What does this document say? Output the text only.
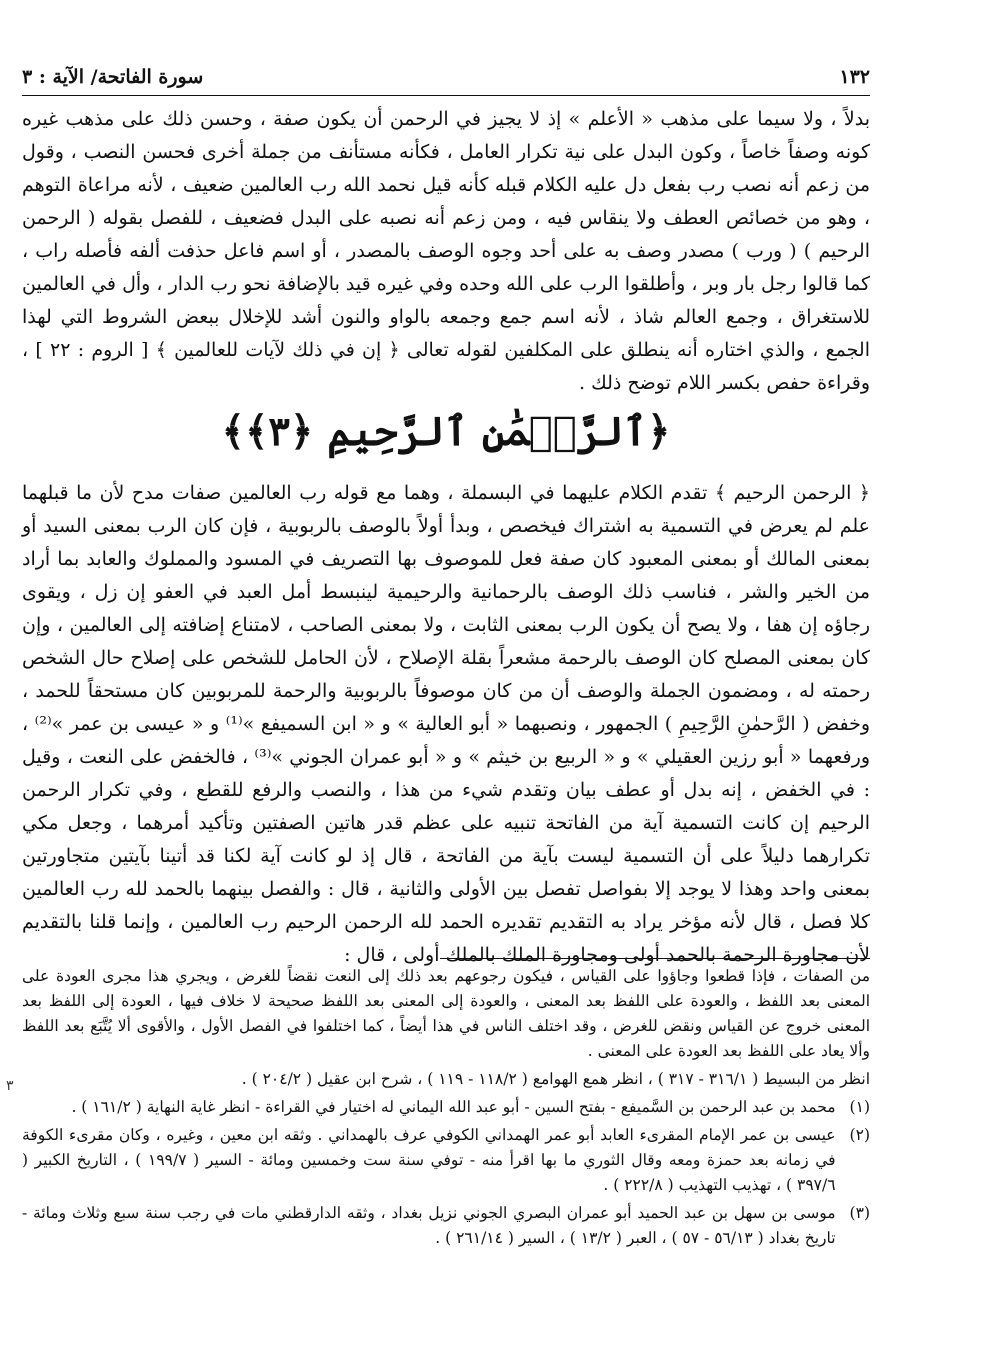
١٣٢
سورة الفاتحة/ الآية : ٣

بدلاً ، ولا سيما على مذهب « الأعلم » إذ لا يجيز في الرحمن أن يكون صفة ، وحسن ذلك على مذهب غيره كونه وصفاً خاصاً ، وكون البدل على نية تكرار العامل ، فكأنه مستأنف من جملة أخرى فحسن النصب ، وقول من زعم أنه نصب رب بفعل دل عليه الكلام قبله كأنه قيل نحمد الله رب العالمين ضعيف ، لأنه مراعاة التوهم ، وهو من خصائص العطف ولا ينقاس فيه ، ومن زعم أنه نصبه على البدل فضعيف ، للفصل بقوله ( الرحمن الرحيم ) ( ورب ) مصدر وصف به على أحد وجوه الوصف بالمصدر ، أو اسم فاعل حذفت ألفه فأصله راب ، كما قالوا رجل بار وبر ، وأطلقوا الرب على الله وحده وفي غيره قيد بالإضافة نحو رب الدار ، وأل في العالمين للاستغراق ، وجمع العالم شاذ ، لأنه اسم جمع وجمعه بالواو والنون أشد للإخلال ببعض الشروط التي لهذا الجمع ، والذي اختاره أنه ينطلق على المكلفين لقوله تعالى ﴿ إن في ذلك لآيات للعالمين ﴾ [ الروم : ٢٢ ] ، وقراءة حفص بكسر اللام توضح ذلك .

﴿ٱلرَّحۡمَٰنِ ٱلرَّحِيمِ ﴿٣﴾﴾

﴿ الرحمن الرحيم ﴾ تقدم الكلام عليهما في البسملة ، وهما مع قوله رب العالمين صفات مدح لأن ما قبلهما علم لم يعرض في التسمية به اشتراك فيخصص ، وبدأ أولاً بالوصف بالربوبية ، فإن كان الرب بمعنى السيد أو بمعنى المالك أو بمعنى المعبود كان صفة فعل للموصوف بها التصريف في المسود والمملوك والعابد بما أراد من الخير والشر ، فناسب ذلك الوصف بالرحمانية والرحيمية لينبسط أمل العبد في العفو إن زل ، ويقوى رجاؤه إن هفا ، ولا يصح أن يكون الرب بمعنى الثابت ، ولا بمعنى الصاحب ، لامتناع إضافته إلى العالمين ، وإن كان بمعنى المصلح كان الوصف بالرحمة مشعراً بقلة الإصلاح ، لأن الحامل للشخص على إصلاح حال الشخص رحمته له ، ومضمون الجملة والوصف أن من كان موصوفاً بالربوبية والرحمة للمربوبين كان مستحقاً للحمد ، وخفض ( الرَّحمٰنِ الرَّحِيمِ ) الجمهور ، ونصبهما « أبو العالية » و « ابن السميفع »⁽¹⁾ و « عيسى بن عمر »⁽²⁾ ، ورفعهما « أبو رزين العقيلي » و « الربيع بن خيثم » و « أبو عمران الجوني »⁽³⁾ ، فالخفض على النعت ، وقيل : في الخفض ، إنه بدل أو عطف بيان وتقدم شيء من هذا ، والنصب والرفع للقطع ، وفي تكرار الرحمن الرحيم إن كانت التسمية آية من الفاتحة تنبيه على عظم قدر هاتين الصفتين وتأكيد أمرهما ، وجعل مكي تكرارهما دليلاً على أن التسمية ليست بآية من الفاتحة ، قال إذ لو كانت آية لكنا قد أتينا بآيتين متجاورتين بمعنى واحد وهذا لا يوجد إلا بفواصل تفصل بين الأولى والثانية ، قال : والفصل بينهما بالحمد لله رب العالمين كلا فصل ، قال لأنه مؤخر يراد به التقديم تقديره الحمد لله الرحمن الرحيم رب العالمين ، وإنما قلنا بالتقديم لأن مجاورة الرحمة بالحمد أولى ومجاورة الملك بالملك أولى ، قال :

من الصفات ، فإذا قطعوا وجاؤوا على القياس ، فيكون رجوعهم بعد ذلك إلى النعت نقضاً للغرض ، ويجري هذا مجرى العودة على المعنى بعد اللفظ ، والعودة على اللفظ بعد المعنى ، والعودة إلى المعنى بعد اللفظ صحيحة لا خلاف فيها ، العودة إلى اللفظ بعد المعنى خروج عن القياس ونقض للغرض ، وقد اختلف الناس في هذا أيضاً ، كما اختلفوا في الفصل الأول ، والأقوى ألا يُتَّبَع بعد اللفظ وألا يعاد على اللفظ بعد العودة على المعنى .

انظر من البسيط ( ٣١٦/١ - ٣١٧ ) ، انظر همع الهوامع ( ١١٨/٢ - ١١٩ ) ، شرح ابن عقيل ( ٢٠٤/٢ ) .

(١)
محمد بن عبد الرحمن بن السَّميفع - بفتح السين - أبو عبد الله اليماني له اختيار في القراءة - انظر غاية النهاية ( ١٦١/٢ ) .
(٢)
عيسى بن عمر الإمام المقرىء العابد أبو عمر الهمداني الكوفي عرف بالهمداني . وثقه ابن معين ، وغيره ، وكان مقرىء الكوفة في زمانه بعد حمزة ومعه وقال الثوري ما بها اقرأ منه - توفي سنة ست وخمسين ومائة - السير ( ١٩٩/٧ ) ، التاريخ الكبير ( ٣٩٧/٦ ) ، تهذيب التهذيب ( ٢٢٢/٨ ) .
(٣)
موسى بن سهل بن عبد الحميد أبو عمران البصري الجوني نزيل بغداد ، وثقه الدارقطني مات في رجب سنة سبع وثلاث ومائة - تاريخ بغداد ( ٥٦/١٣ - ٥٧ ) ، العبر ( ١٣/٢ ) ، السير ( ٢٦١/١٤ ) .
٣
